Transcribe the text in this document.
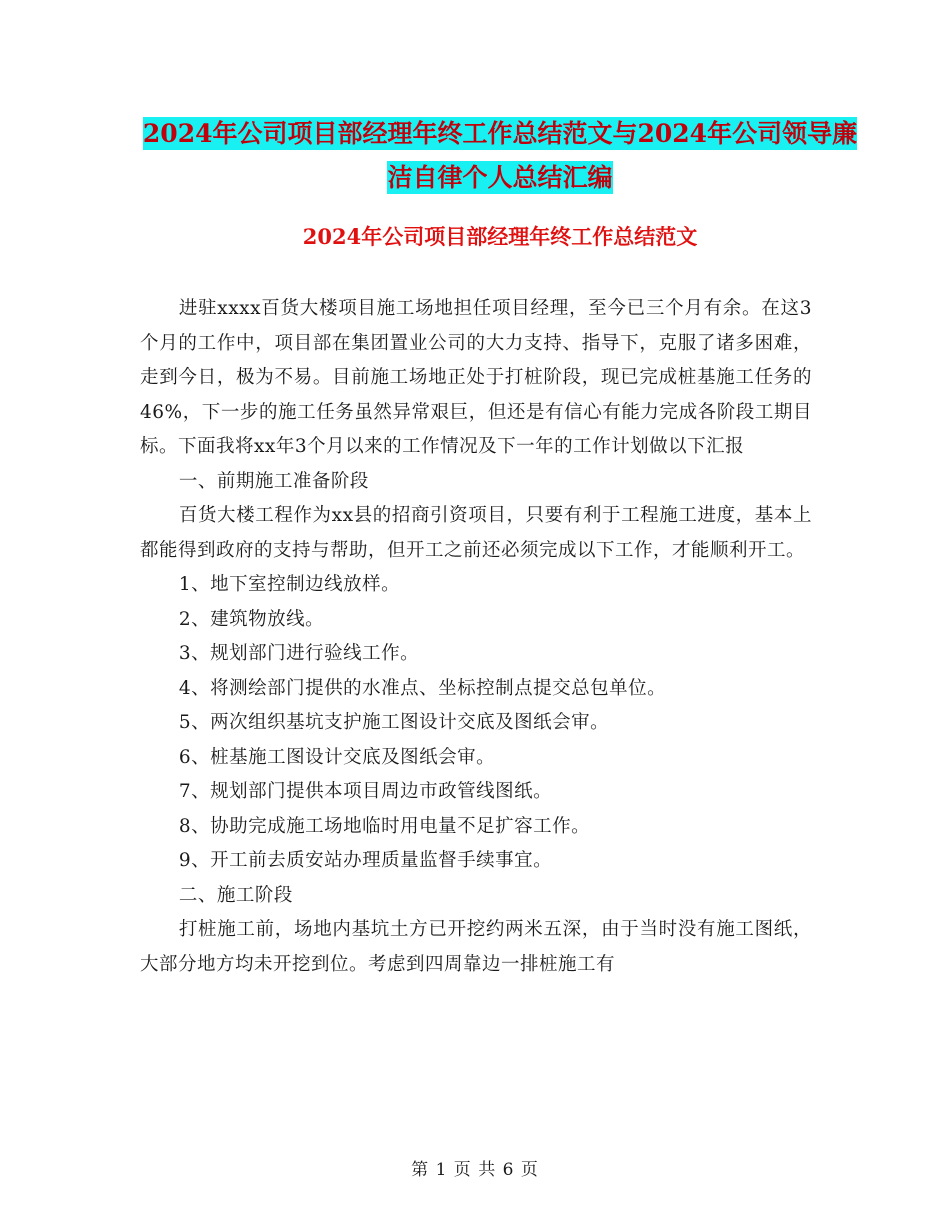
2024年公司项目部经理年终工作总结范文与2024年公司领导廉洁自律个人总结汇编
2024年公司项目部经理年终工作总结范文

进驻xxxx百货大楼项目施工场地担任项目经理，至今已三个月有余。在这3个月的工作中，项目部在集团置业公司的大力支持、指导下，克服了诸多困难，走到今日，极为不易。目前施工场地正处于打桩阶段，现已完成桩基施工任务的46%，下一步的施工任务虽然异常艰巨，但还是有信心有能力完成各阶段工期目标。下面我将xx年3个月以来的工作情况及下一年的工作计划做以下汇报

一、前期施工准备阶段

百货大楼工程作为xx县的招商引资项目，只要有利于工程施工进度，基本上都能得到政府的支持与帮助，但开工之前还必须完成以下工作，才能顺利开工。

1、地下室控制边线放样。

2、建筑物放线。

3、规划部门进行验线工作。

4、将测绘部门提供的水准点、坐标控制点提交总包单位。

5、两次组织基坑支护施工图设计交底及图纸会审。

6、桩基施工图设计交底及图纸会审。

7、规划部门提供本项目周边市政管线图纸。

8、协助完成施工场地临时用电量不足扩容工作。

9、开工前去质安站办理质量监督手续事宜。

二、施工阶段

打桩施工前，场地内基坑土方已开挖约两米五深，由于当时没有施工图纸，大部分地方均未开挖到位。考虑到四周靠边一排桩施工有

第 1 页 共 6 页
